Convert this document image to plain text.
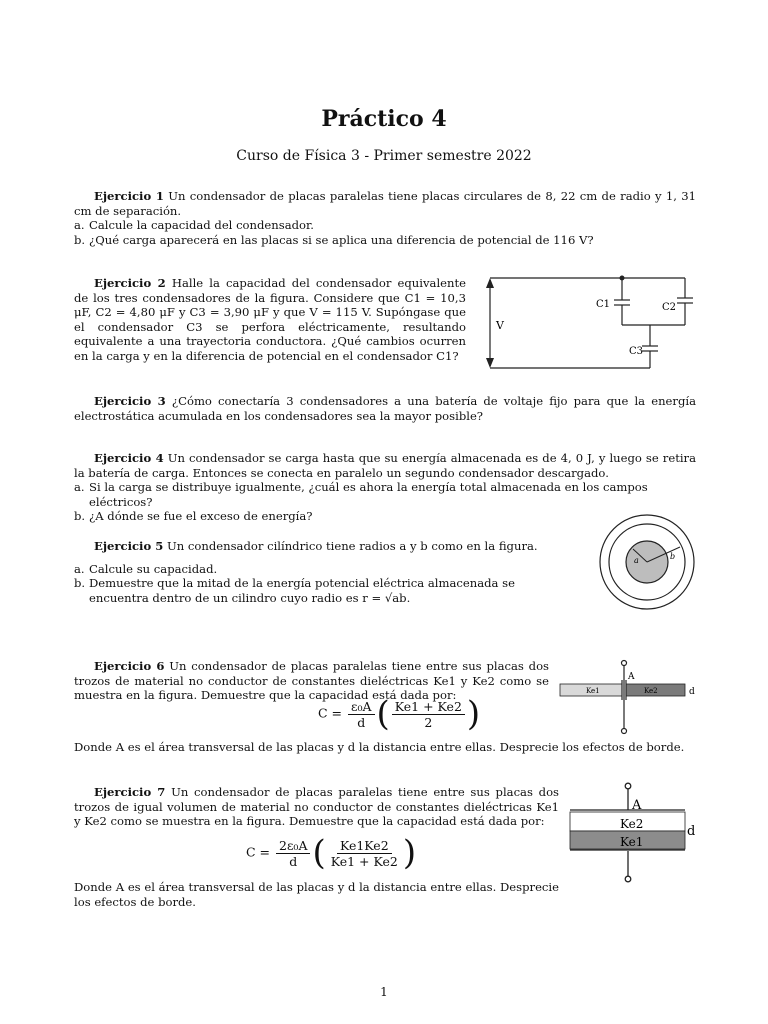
Práctico 4
Curso de Física 3 - Primer semestre 2022

Ejercicio 1 Un condensador de placas paralelas tiene placas circulares de 8, 22 cm de radio y 1, 31 cm de separación.

a. Calcule la capacidad del condensador.

b. ¿Qué carga aparecerá en las placas si se aplica una diferencia de potencial de 116 V?

Ejercicio 2 Halle la capacidad del condensador equivalente de los tres condensadores de la figura. Considere que C1 = 10,3 μF, C2 = 4,80 μF y C3 = 3,90 μF y que V = 115 V. Supóngase que el condensador C3 se perfora eléctricamente, resultando equivalente a una trayectoria conductora. ¿Qué cambios ocurren en la carga y en la diferencia de potencial en el condensador C1?

C1	C2
C3
V

Ejercicio 3 ¿Cómo conectaría 3 condensadores a una batería de voltaje fijo para que la energía electrostática acumulada en los condensadores sea la mayor posible?

Ejercicio 4 Un condensador se carga hasta que su energía almacenada es de 4, 0 J, y luego se retira la batería de carga. Entonces se conecta en paralelo un segundo condensador descargado.

a. Si la carga se distribuye igualmente, ¿cuál es ahora la energía total almacenada en los campos eléctricos?

b. ¿A dónde se fue el exceso de energía?

Ejercicio 5 Un condensador cilíndrico tiene radios a y b como en la figura.

a. Calcule su capacidad.

b. Demuestre que la mitad de la energía potencial eléctrica almacenada se encuentra dentro de un cilindro cuyo radio es r = √ab.

a	b

Ejercicio 6 Un condensador de placas paralelas tiene entre sus placas dos trozos de material no conductor de constantes dieléctricas Ke1 y Ke2 como se muestra en la figura. Demuestre que la capacidad está dada por:

$C = \frac{\text{ε₀A}}{d}$ ( $\frac{Ke1 + Ke2}{2}$ )

Donde A es el área transversal de las placas y d la distancia entre ellas. Desprecie los efectos de borde.

A
d
Ke1	Ke2

Ejercicio 7 Un condensador de placas paralelas tiene entre sus placas dos trozos de igual volumen de material no conductor de constantes dieléctricas Ke1 y Ke2 como se muestra en la figura. Demuestre que la capacidad está dada por:

$C = \frac{\text{2ε₀A}}{d}$ ( $\frac{Ke1Ke2}{Ke1 + Ke2}$ )

Donde A es el área transversal de las placas y d la distancia entre ellas. Desprecie los efectos de borde.

A
d
Ke2
Ke1
1
